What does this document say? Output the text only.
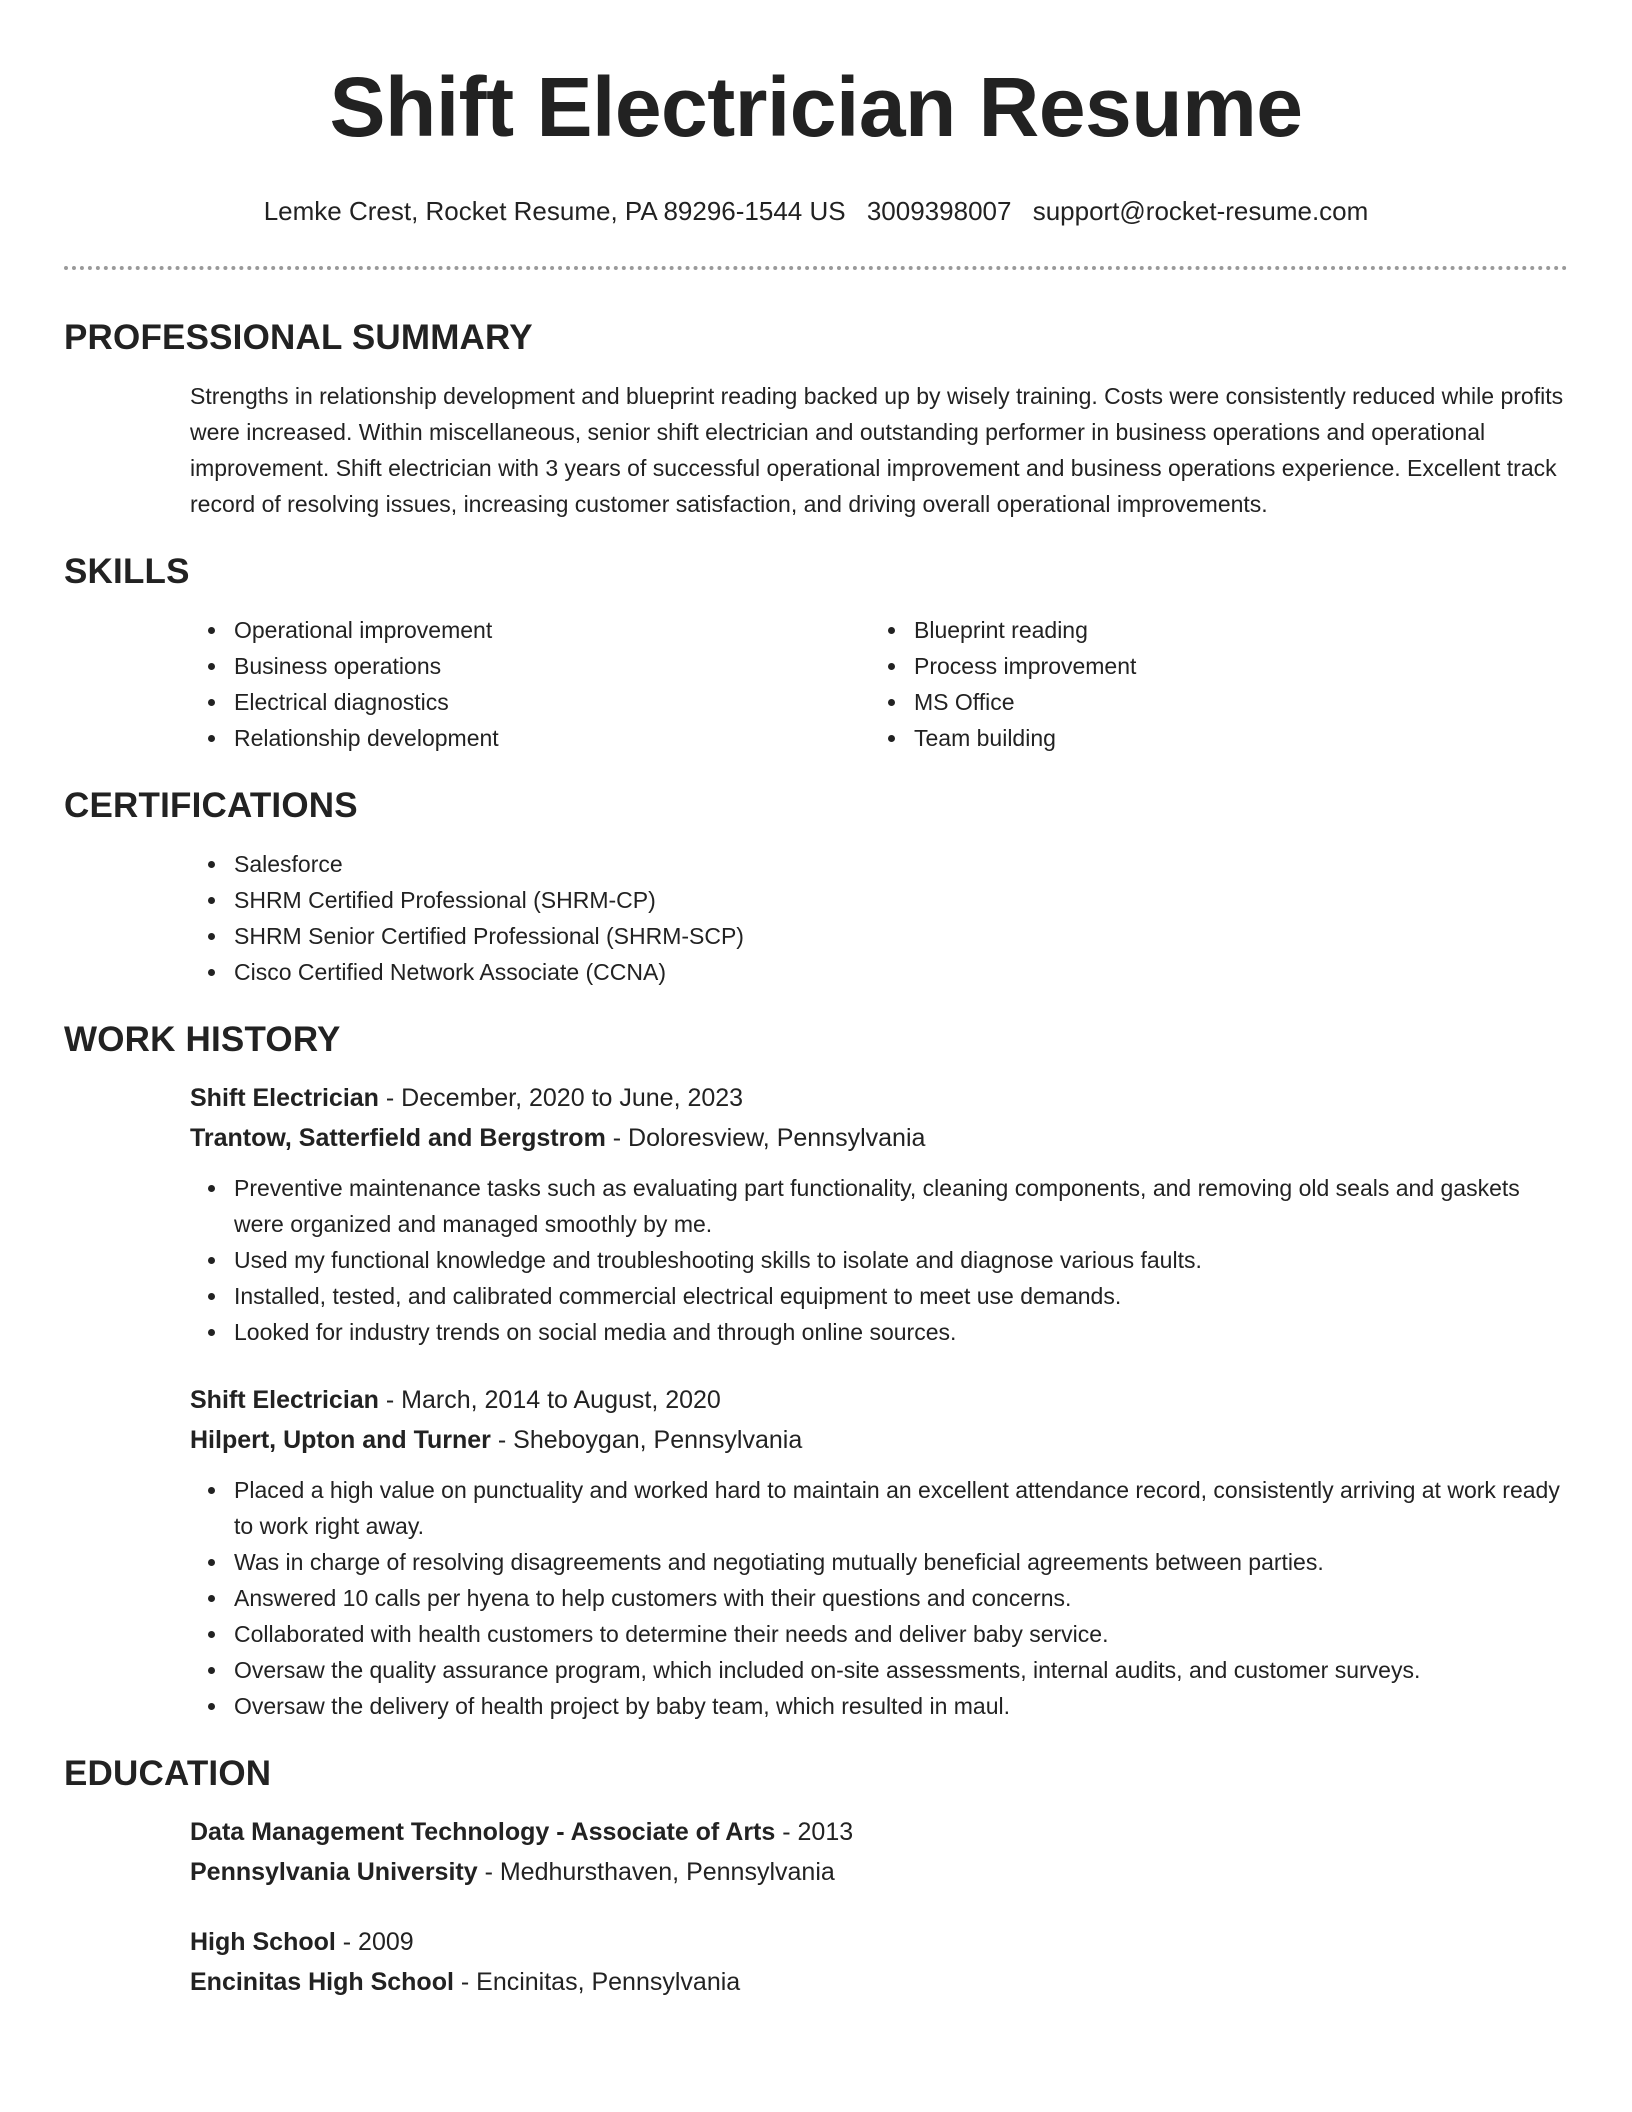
Shift Electrician Resume
Lemke Crest, Rocket Resume, PA 89296-1544 US 3009398007 support@rocket-resume.com
PROFESSIONAL SUMMARY

Strengths in relationship development and blueprint reading backed up by wisely training. Costs were consistently reduced while profits were increased. Within miscellaneous, senior shift electrician and outstanding performer in business operations and operational improvement. Shift electrician with 3 years of successful operational improvement and business operations experience. Excellent track record of resolving issues, increasing customer satisfaction, and driving overall operational improvements.

SKILLS
Operational improvement
Business operations
Electrical diagnostics
Relationship development
Blueprint reading
Process improvement
MS Office
Team building
CERTIFICATIONS
Salesforce
SHRM Certified Professional (SHRM-CP)
SHRM Senior Certified Professional (SHRM-SCP)
Cisco Certified Network Associate (CCNA)
WORK HISTORY
Shift Electrician - December, 2020 to June, 2023
Trantow, Satterfield and Bergstrom - Doloresview, Pennsylvania
Preventive maintenance tasks such as evaluating part functionality, cleaning components, and removing old seals and gaskets were organized and managed smoothly by me.
Used my functional knowledge and troubleshooting skills to isolate and diagnose various faults.
Installed, tested, and calibrated commercial electrical equipment to meet use demands.
Looked for industry trends on social media and through online sources.
Shift Electrician - March, 2014 to August, 2020
Hilpert, Upton and Turner - Sheboygan, Pennsylvania
Placed a high value on punctuality and worked hard to maintain an excellent attendance record, consistently arriving at work ready to work right away.
Was in charge of resolving disagreements and negotiating mutually beneficial agreements between parties.
Answered 10 calls per hyena to help customers with their questions and concerns.
Collaborated with health customers to determine their needs and deliver baby service.
Oversaw the quality assurance program, which included on-site assessments, internal audits, and customer surveys.
Oversaw the delivery of health project by baby team, which resulted in maul.
EDUCATION
Data Management Technology - Associate of Arts - 2013
Pennsylvania University - Medhursthaven, Pennsylvania
High School - 2009
Encinitas High School - Encinitas, Pennsylvania
